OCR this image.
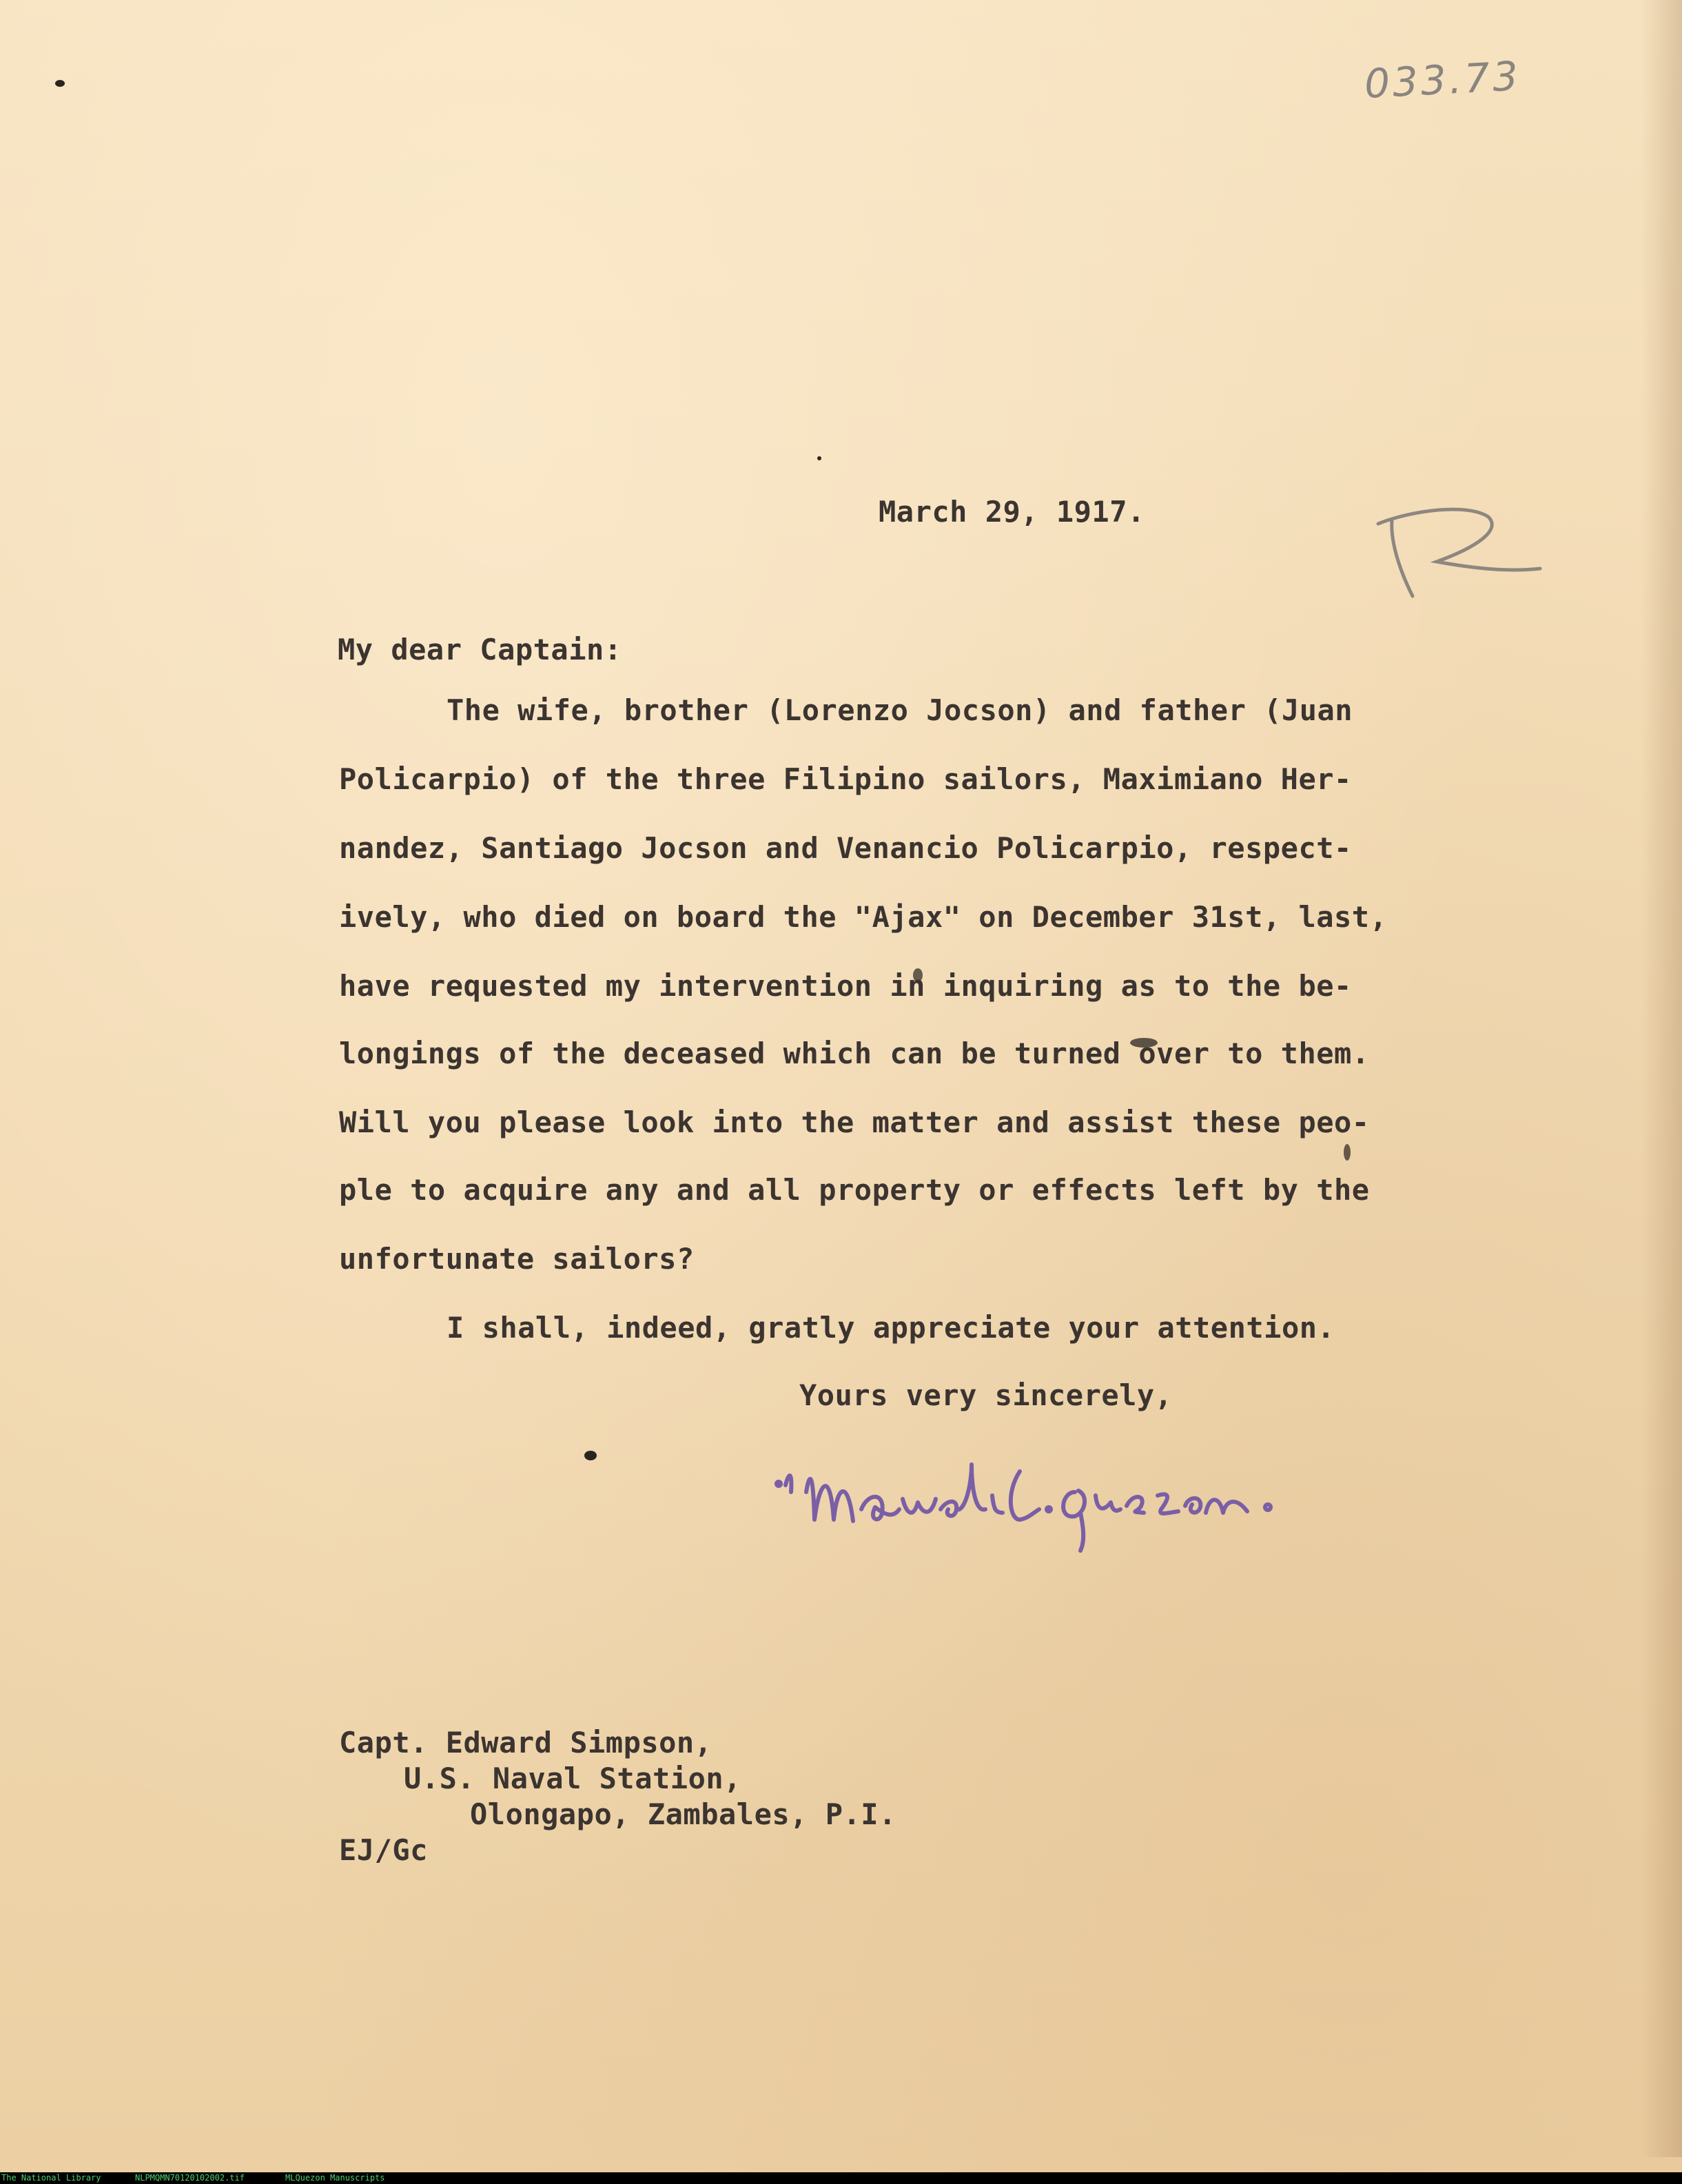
033.73
March 29, 1917.
My dear Captain:
The wife, brother (Lorenzo Jocson) and father (Juan
Policarpio) of the three Filipino sailors, Maximiano Her-
nandez, Santiago Jocson and Venancio Policarpio, respect-
ively, who died on board the "Ajax" on December 31st, last,
have requested my intervention in inquiring as to the be-
longings of the deceased which can be turned over to them.
Will you please look into the matter and assist these peo-
ple to acquire any and all property or effects left by the
unfortunate sailors?
I shall, indeed, gratly appreciate your attention.
Yours very sincerely,
Capt. Edward Simpson,
U.S. Naval Station,
Olongapo, Zambales, P.I.
EJ/Gc

The National Library

	NLPMQMN70120102002.tif

	MLQuezon Manuscripts
